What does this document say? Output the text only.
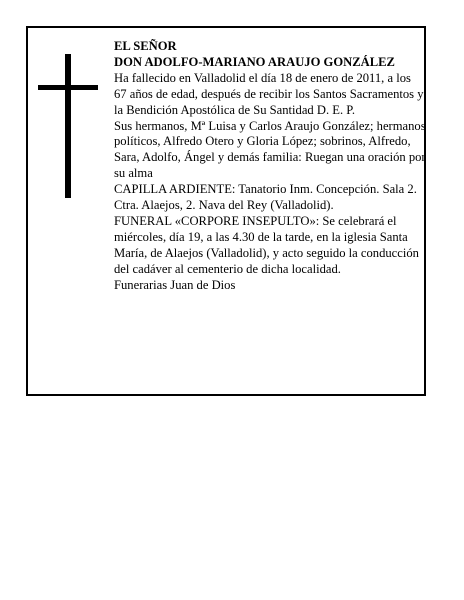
EL SEÑOR

DON ADOLFO-MARIANO ARAUJO GONZÁLEZ

Ha fallecido en Valladolid el día 18 de enero de 2011, a los 67 años de edad, después de recibir los Santos Sacramentos y la Bendición Apostólica de Su Santidad D. E. P.

Sus hermanos, Mª Luisa y Carlos Araujo González; hermanos políticos, Alfredo Otero y Gloria López; sobrinos, Alfredo, Sara, Adolfo, Ángel y demás familia: Ruegan una oración por su alma

CAPILLA ARDIENTE: Tanatorio Inm. Concepción. Sala 2. Ctra. Alaejos, 2. Nava del Rey (Valladolid).

FUNERAL «CORPORE INSEPULTO»: Se celebrará el miércoles, día 19, a las 4.30 de la tarde, en la iglesia Santa María, de Alaejos (Valladolid), y acto seguido la conducción del cadáver al cementerio de dicha localidad.

Funerarias Juan de Dios
